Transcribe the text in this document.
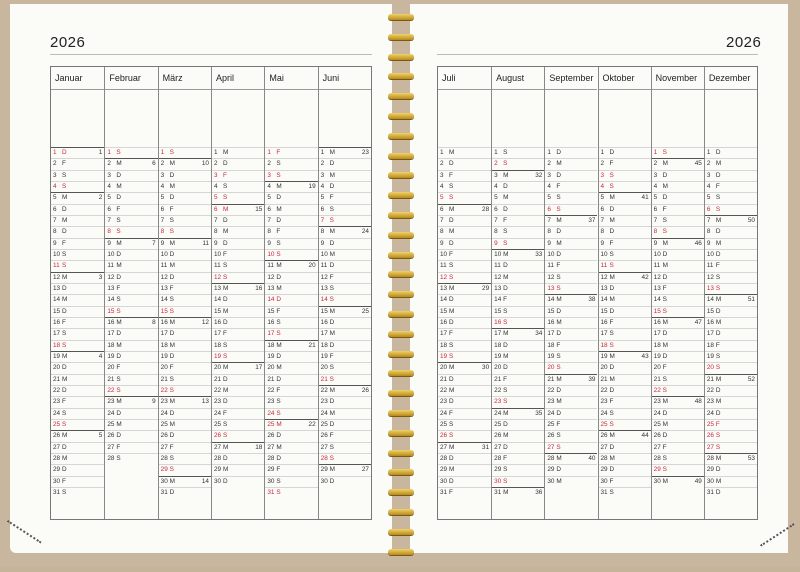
2026	2026
Januar
1 D	1
2 F
3 S
4 S
5 M	2
6 D
7 M
8 D
9 F
10 S
11 S
12 M	3
13 D
14 M
15 D
16 F
17 S
18 S
19 M	4
20 D
21 M
22 D
23 F
24 S
25 S
26 M	5
27 D
28 M
29 D
30 F
31 S
Februar
1 S
2 M	6
3 D
4 M
5 D
6 F
7 S
8 S
9 M	7
10 D
11 M
12 D
13 F
14 S
15 S
16 M	8
17 D
18 M
19 D
20 F
21 S
22 S
23 M	9
24 D
25 M
26 D
27 F
28 S
März
1 S
2 M	10
3 D
4 M
5 D
6 F
7 S
8 S
9 M	11
10 D
11 M
12 D
13 F
14 S
15 S
16 M	12
17 D
18 M
19 D
20 F
21 S
22 S
23 M	13
24 D
25 M
26 D
27 F
28 S
29 S
30 M	14
31 D
April
1 M
2 D
3 F
4 S
5 S
6 M	15
7 D
8 M
9 D
10 F
11 S
12 S
13 M	16
14 D
15 M
16 D
17 F
18 S
19 S
20 M	17
21 D
22 M
23 D
24 F
25 S
26 S
27 M	18
28 D
29 M
30 D
Mai
1 F
2 S
3 S
4 M	19
5 D
6 M
7 D
8 F
9 S
10 S
11 M	20
12 D
13 M
14 D
15 F
16 S
17 S
18 M	21
19 D
20 M
21 D
22 F
23 S
24 S
25 M	22
26 D
27 M
28 D
29 F
30 S
31 S
Juni
1 M	23
2 D
3 M
4 D
5 F
6 S
7 S
8 M	24
9 D
10 M
11 D
12 F
13 S
14 S
15 M	25
16 D
17 M
18 D
19 F
20 S
21 S
22 M	26
23 D
24 M
25 D
26 F
27 S
28 S
29 M	27
30 D
Juli
1 M
2 D
3 F
4 S
5 S
6 M	28
7 D
8 M
9 D
10 F
11 S
12 S
13 M	29
14 D
15 M
16 D
17 F
18 S
19 S
20 M	30
21 D
22 M
23 D
24 F
25 S
26 S
27 M	31
28 D
29 M
30 D
31 F
August
1 S
2 S
3 M	32
4 D
5 M
6 D
7 F
8 S
9 S
10 M	33
11 D
12 M
13 D
14 F
15 S
16 S
17 M	34
18 D
19 M
20 D
21 F
22 S
23 S
24 M	35
25 D
26 M
27 D
28 F
29 S
30 S
31 M	36
September
1 D
2 M
3 D
4 F
5 S
6 S
7 M	37
8 D
9 M
10 D
11 F
12 S
13 S
14 M	38
15 D
16 M
17 D
18 F
19 S
20 S
21 M	39
22 D
23 M
24 D
25 F
26 S
27 S
28 M	40
29 D
30 M
Oktober
1 D
2 F
3 S
4 S
5 M	41
6 D
7 M
8 D
9 F
10 S
11 S
12 M	42
13 D
14 M
15 D
16 F
17 S
18 S
19 M	43
20 D
21 M
22 D
23 F
24 S
25 S
26 M	44
27 D
28 M
29 D
30 F
31 S
November
1 S
2 M	45
3 D
4 M
5 D
6 F
7 S
8 S
9 M	46
10 D
11 M
12 D
13 F
14 S
15 S
16 M	47
17 D
18 M
19 D
20 F
21 S
22 S
23 M	48
24 D
25 M
26 D
27 F
28 S
29 S
30 M	49
Dezember
1 D
2 M
3 D
4 F
5 S
6 S
7 M	50
8 D
9 M
10 D
11 F
12 S
13 S
14 M	51
15 D
16 M
17 D
18 F
19 S
20 S
21 M	52
22 D
23 M
24 D
25 F
26 S
27 S
28 M	53
29 D
30 M
31 D
